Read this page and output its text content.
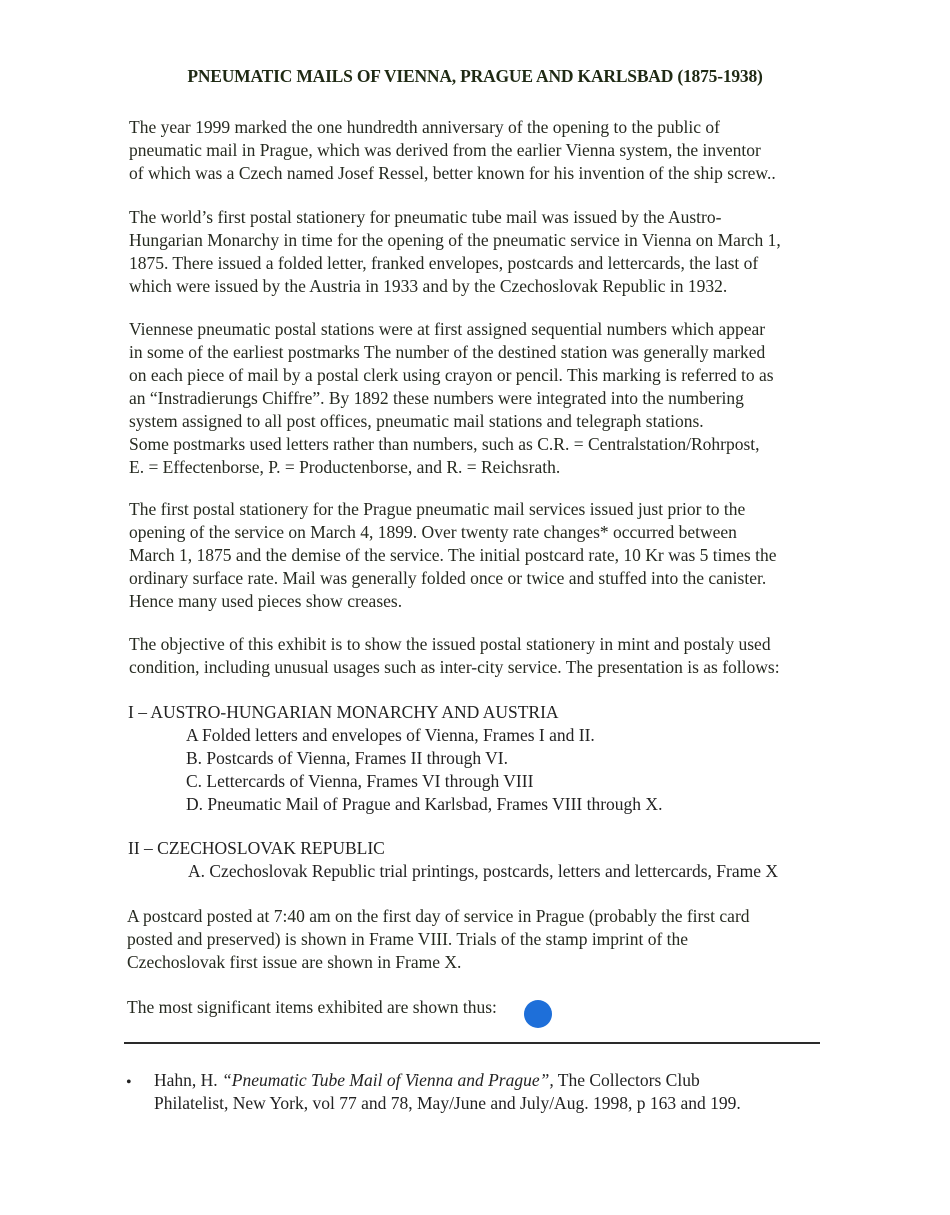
PNEUMATIC MAILS OF VIENNA, PRAGUE AND KARLSBAD (1875-1938)
The year 1999 marked the one hundredth anniversary of the opening to the public of
pneumatic mail in Prague, which was derived from the earlier Vienna system, the inventor
of which was a Czech named Josef Ressel, better known for his invention of the ship screw..
The world’s first postal stationery for pneumatic tube mail was issued by the Austro-
Hungarian Monarchy in time for the opening of the pneumatic service in Vienna on March 1,
1875. There issued a folded letter, franked envelopes, postcards and lettercards, the last of
which were issued by the Austria in 1933 and by the Czechoslovak Republic in 1932.
Viennese pneumatic postal stations were at first assigned sequential numbers which appear
in some of the earliest postmarks The number of the destined station was generally marked
on each piece of mail by a postal clerk using crayon or pencil. This marking is referred to as
an “Instradierungs Chiffre”. By 1892 these numbers were integrated into the numbering
system assigned to all post offices, pneumatic mail stations and telegraph stations.
Some postmarks used letters rather than numbers, such as C.R. = Centralstation/Rohrpost,
E. = Effectenborse, P. = Productenborse, and R. = Reichsrath.
The first postal stationery for the Prague pneumatic mail services issued just prior to the
opening of the service on March 4, 1899. Over twenty rate changes* occurred between
March 1, 1875 and the demise of the service. The initial postcard rate, 10 Kr was 5 times the
ordinary surface rate. Mail was generally folded once or twice and stuffed into the canister.
Hence many used pieces show creases.
The objective of this exhibit is to show the issued postal stationery in mint and postaly used
condition, including unusual usages such as inter-city service. The presentation is as follows:
I – AUSTRO-HUNGARIAN MONARCHY AND AUSTRIA
A Folded letters and envelopes of Vienna, Frames I and II.
B. Postcards of Vienna, Frames II through VI.
C. Lettercards of Vienna, Frames VI through VIII
D. Pneumatic Mail of Prague and Karlsbad, Frames VIII through X.
II – CZECHOSLOVAK REPUBLIC
A. Czechoslovak Republic trial printings, postcards, letters and lettercards, Frame X
A postcard posted at 7:40 am on the first day of service in Prague (probably the first card
posted and preserved) is shown in Frame VIII. Trials of the stamp imprint of the
Czechoslovak first issue are shown in Frame X.
The most significant items exhibited are shown thus:
• Hahn, H. “Pneumatic Tube Mail of Vienna and Prague”, The Collectors Club
Philatelist, New York, vol 77 and 78, May/June and July/Aug. 1998, p 163 and 199.
